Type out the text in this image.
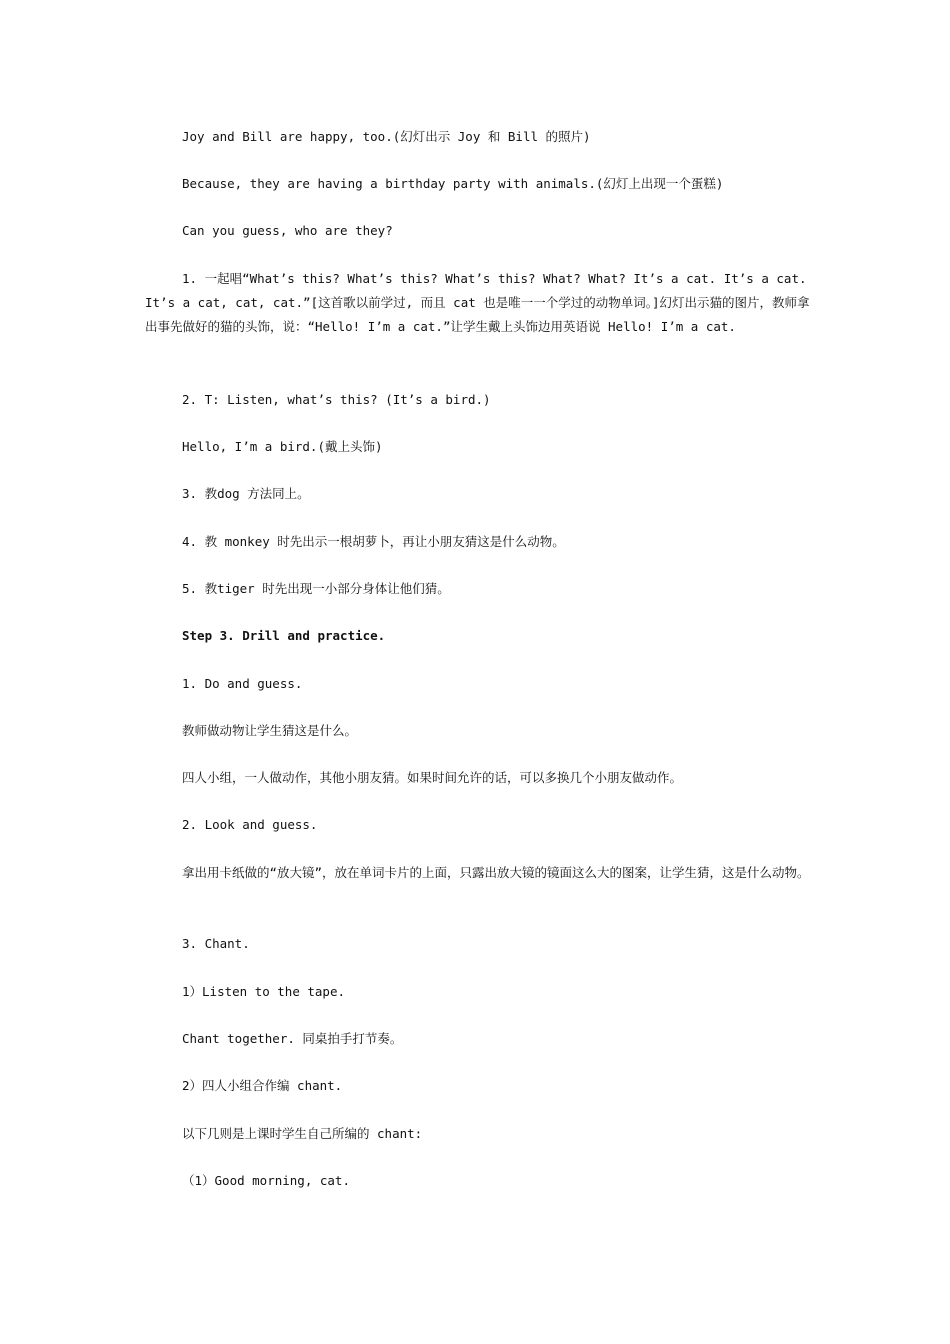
Joy and Bill are happy, too.(幻灯出示 Joy 和 Bill 的照片)

Because, they are having a birthday party with animals.(幻灯上出现一个蛋糕)

Can you guess, who are they?

1. 一起唱“What’s this? What’s this? What’s this? What? What? It’s a cat. It’s a cat. It’s a cat, cat, cat.”[这首歌以前学过, 而且 cat 也是唯一一个学过的动物单词。]幻灯出示猫的图片，教师拿出事先做好的猫的头饰，说：“Hello! I’m a cat.”让学生戴上头饰边用英语说 Hello! I’m a cat.

2. T: Listen, what’s this? (It’s a bird.)

Hello, I’m a bird.(戴上头饰)

3. 教dog 方法同上。

4. 教 monkey 时先出示一根胡萝卜，再让小朋友猜这是什么动物。

5. 教tiger 时先出现一小部分身体让他们猜。

Step 3. Drill and practice.

1. Do and guess.

教师做动物让学生猜这是什么。

四人小组，一人做动作，其他小朋友猜。如果时间允许的话，可以多换几个小朋友做动作。

2. Look and guess.

拿出用卡纸做的“放大镜”，放在单词卡片的上面，只露出放大镜的镜面这么大的图案，让学生猜，这是什么动物。

3. Chant.

1）Listen to the tape.

Chant together. 同桌拍手打节奏。

2）四人小组合作编 chant.

以下几则是上课时学生自己所编的 chant:

（1）Good morning, cat.
